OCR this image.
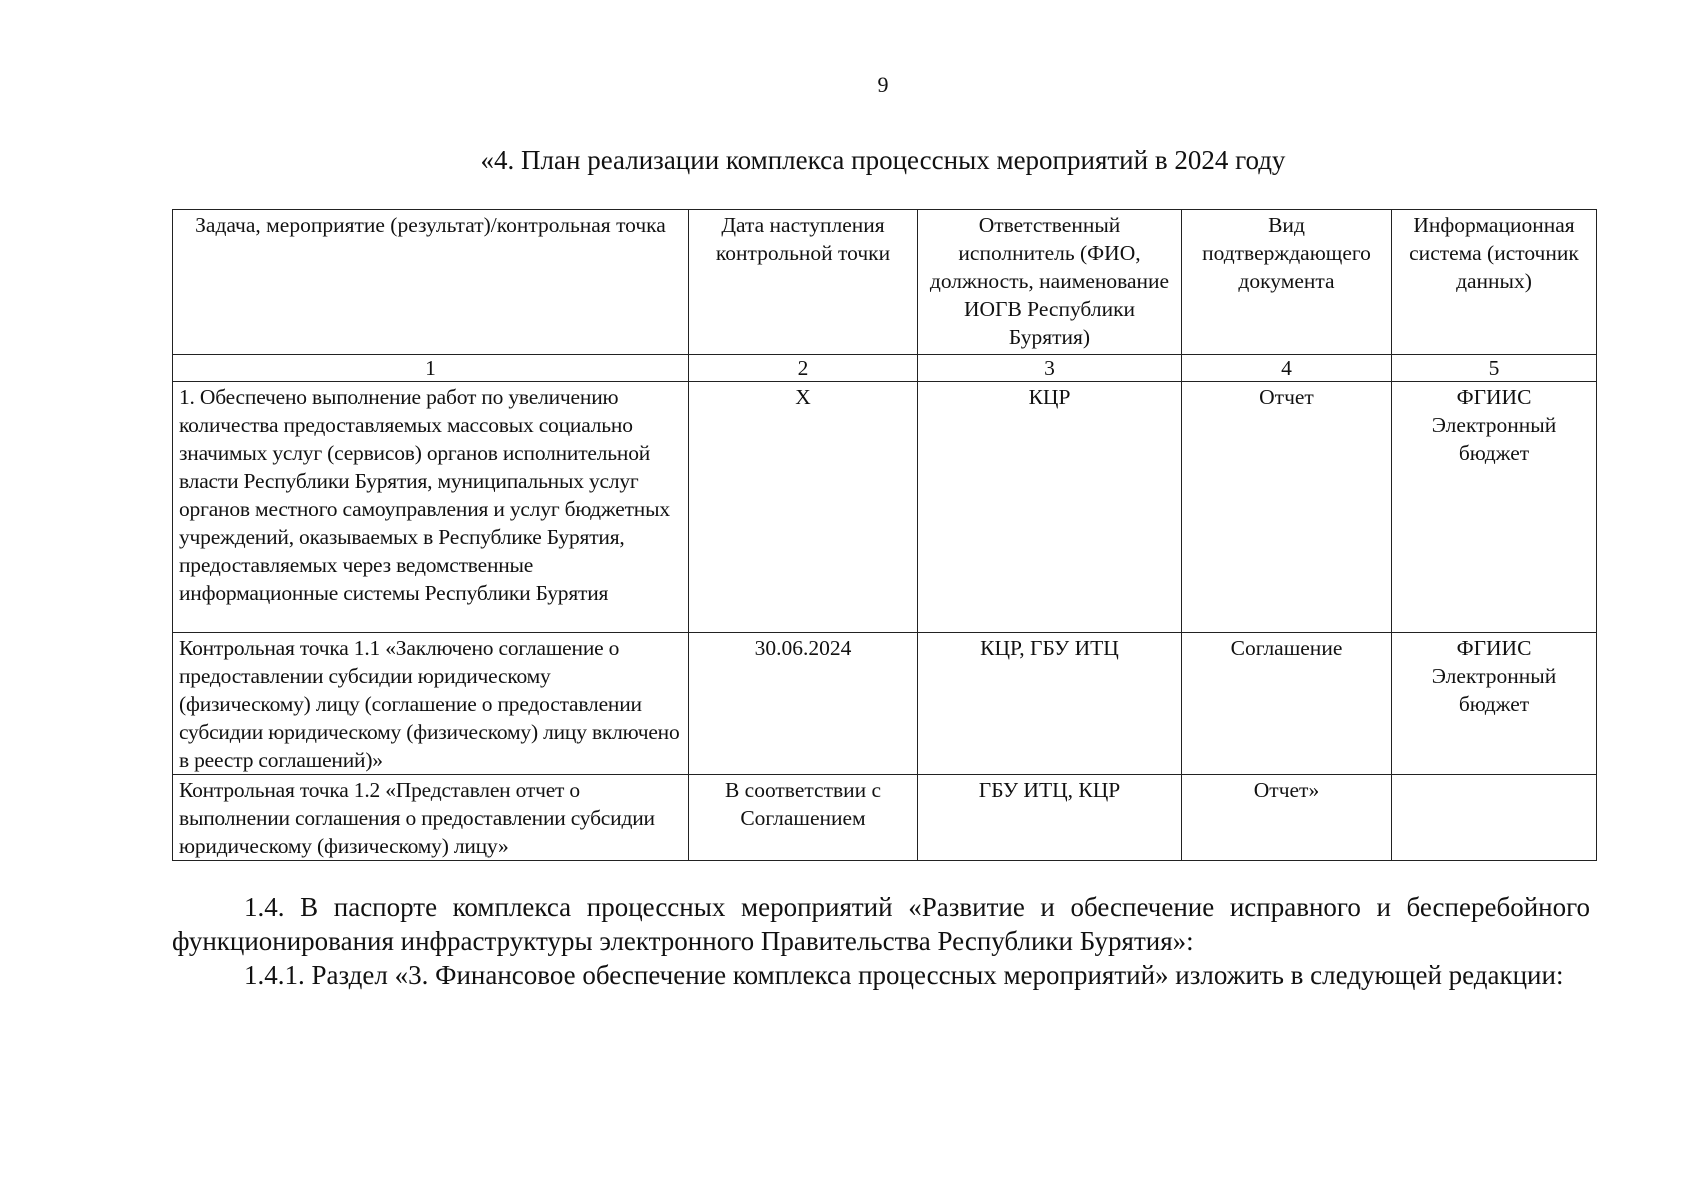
9
«4. План реализации комплекса процессных мероприятий в 2024 году
Задача, мероприятие (результат)/контрольная точка	Дата наступления контрольной точки	Ответственный исполнитель (ФИО, должность, наименование ИОГВ Республики Бурятия)	Вид подтверждающего документа	Информационная система (источник данных)
1	2	3	4	5
1. Обеспечено выполнение работ по увеличению количества предоставляемых массовых социально значимых услуг (сервисов) органов исполнительной власти Республики Бурятия, муниципальных услуг органов местного самоуправления и услуг бюджетных учреждений, оказываемых в Республике Бурятия, предоставляемых через ведомственные информационные системы Республики Бурятия	Х	КЦР	Отчет	ФГИИС Электронный бюджет
Контрольная точка 1.1 «Заключено соглашение о предоставлении субсидии юридическому (физическому) лицу (соглашение о предоставлении субсидии юридическому (физическому) лицу включено в реестр соглашений)»	30.06.2024	КЦР, ГБУ ИТЦ	Соглашение	ФГИИС Электронный бюджет
Контрольная точка 1.2 «Представлен отчет о выполнении соглашения о предоставлении субсидии юридическому (физическому) лицу»	В соответствии с Соглашением	ГБУ ИТЦ, КЦР	Отчет»	
1.4. В паспорте комплекса процессных мероприятий «Развитие и обеспечение исправного и бесперебойного функционирования инфраструктуры электронного Правительства Республики Бурятия»:
1.4.1. Раздел «3. Финансовое обеспечение комплекса процессных мероприятий» изложить в следующей редакции:
